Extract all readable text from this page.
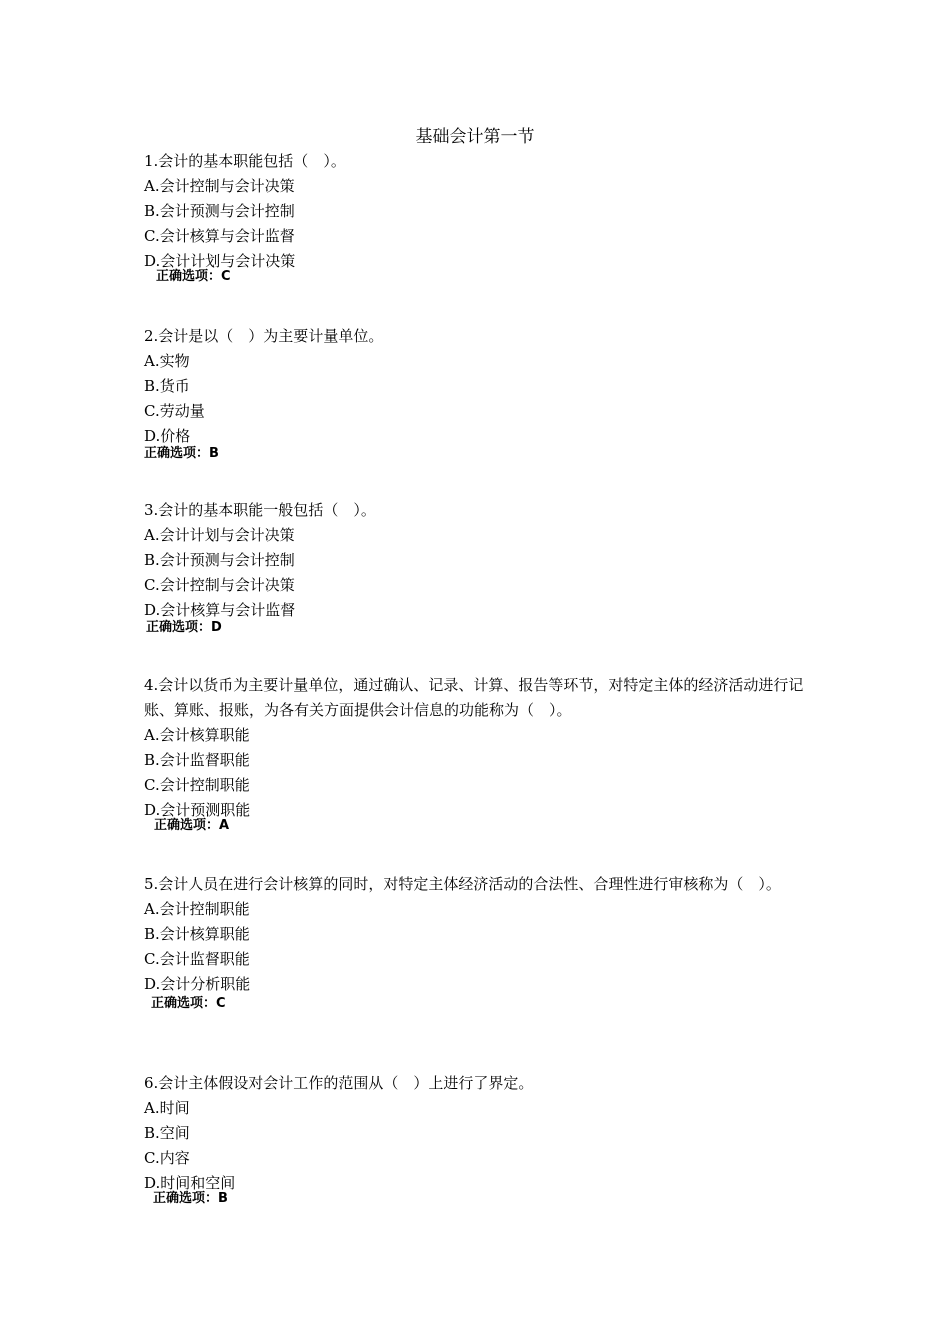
基础会计第一节
1.会计的基本职能包括（　）。
A.会计控制与会计决策
B.会计预测与会计控制
C.会计核算与会计监督
D.会计计划与会计决策
正确选项：C
2.会计是以（　）为主要计量单位。
A.实物
B.货币
C.劳动量
D.价格
正确选项：B
3.会计的基本职能一般包括（　）。
A.会计计划与会计决策
B.会计预测与会计控制
C.会计控制与会计决策
D.会计核算与会计监督
正确选项：D
4.会计以货币为主要计量单位，通过确认、记录、计算、报告等环节，对特定主体的经济活动进行记账、算账、报账，为各有关方面提供会计信息的功能称为（　）。
A.会计核算职能
B.会计监督职能
C.会计控制职能
D.会计预测职能
正确选项：A
5.会计人员在进行会计核算的同时，对特定主体经济活动的合法性、合理性进行审核称为（　）。
A.会计控制职能
B.会计核算职能
C.会计监督职能
D.会计分析职能
正确选项：C
6.会计主体假设对会计工作的范围从（　）上进行了界定。
A.时间
B.空间
C.内容
D.时间和空间
正确选项：B
